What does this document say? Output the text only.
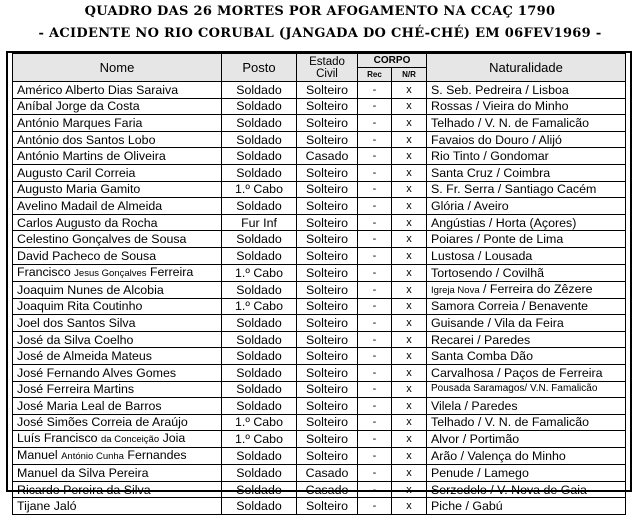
QUADRO DAS 26 MORTES POR AFOGAMENTO NA CCAÇ 1790
- ACIDENTE NO RIO CORUBAL (JANGADA DO CHÉ-CHÉ) EM 06FEV1969 -
Nome	Posto	Estado Civil	CORPO		Naturalidade
			Rec	N/R	
Américo Alberto Dias Saraiva	Soldado	Solteiro	-	x	S. Seb. Pedreira / Lisboa
Aníbal Jorge da Costa	Soldado	Solteiro	-	x	Rossas / Vieira do Minho
António Marques Faria	Soldado	Solteiro	-	x	Telhado / V. N. de Famalicão
António dos Santos Lobo	Soldado	Solteiro	-	x	Favaios do Douro / Alijó
António Martins de Oliveira	Soldado	Casado	-	x	Rio Tinto / Gondomar
Augusto Caril Correia	Soldado	Solteiro	-	x	Santa Cruz / Coimbra
Augusto Maria Gamito	1.º Cabo	Solteiro	-	x	S. Fr. Serra / Santiago Cacém
Avelino Madail de Almeida	Soldado	Solteiro	-	x	Glória / Aveiro
Carlos Augusto da Rocha	Fur Inf	Solteiro	-	x	Angústias / Horta (Açores)
Celestino Gonçalves de Sousa	Soldado	Solteiro	-	x	Poiares / Ponte de Lima
David Pacheco de Sousa	Soldado	Solteiro	-	x	Lustosa / Lousada
Francisco Jesus Gonçalves Ferreira	1.º Cabo	Solteiro	-	x	Tortosendo / Covilhã
Joaquim Nunes de Alcobia	Soldado	Solteiro	-	x	Igreja Nova / Ferreira do Zêzere
Joaquim Rita Coutinho	1.º Cabo	Solteiro	-	x	Samora Correia / Benavente
Joel dos Santos Silva	Soldado	Solteiro	-	x	Guisande / Vila da Feira
José da Silva Coelho	Soldado	Solteiro	-	x	Recarei / Paredes
José de Almeida Mateus	Soldado	Solteiro	-	x	Santa Comba Dão
José Fernando Alves Gomes	Soldado	Solteiro	-	x	Carvalhosa / Paços de Ferreira
José Ferreira Martins	Soldado	Solteiro	-	x	Pousada Saramagos/ V.N. Famalicão
José Maria Leal de Barros	Soldado	Solteiro	-	x	Vilela / Paredes
José Simões Correia de Araújo	1.º Cabo	Solteiro	-	x	Telhado / V. N. de Famalicão
Luís Francisco da Conceição Joia	1.º Cabo	Solteiro	-	x	Alvor / Portimão
Manuel António Cunha Fernandes	Soldado	Solteiro	-	x	Arão / Valença do Minho
Manuel da Silva Pereira	Soldado	Casado	-	x	Penude / Lamego
Ricardo Pereira da Silva	Soldado	Casado	-	x	Serzedelo / V. Nova de Gaia
Tijane Jaló	Soldado	Solteiro	-	x	Piche / Gabú
